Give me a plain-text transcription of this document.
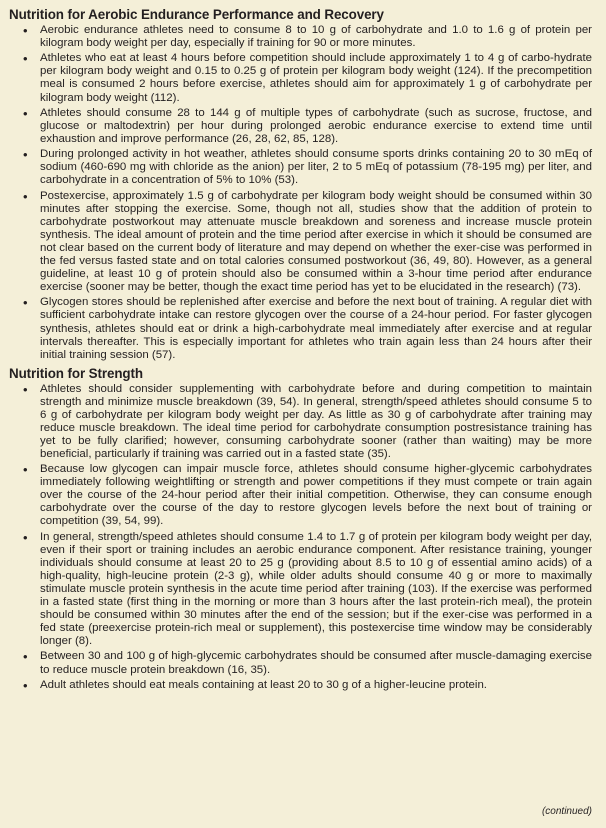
Nutrition for Aerobic Endurance Performance and Recovery
• Aerobic endurance athletes need to consume 8 to 10 g of carbohydrate and 1.0 to 1.6 g of protein per kilogram body weight per day, especially if training for 90 or more minutes.
• Athletes who eat at least 4 hours before competition should include approximately 1 to 4 g of carbo-hydrate per kilogram body weight and 0.15 to 0.25 g of protein per kilogram body weight (124). If the precompetition meal is consumed 2 hours before exercise, athletes should aim for approximately 1 g of carbohydrate per kilogram body weight (112).
• Athletes should consume 28 to 144 g of multiple types of carbohydrate (such as sucrose, fructose, and glucose or maltodextrin) per hour during prolonged aerobic endurance exercise to extend time until exhaustion and improve performance (26, 28, 62, 85, 128).
• During prolonged activity in hot weather, athletes should consume sports drinks containing 20 to 30 mEq of sodium (460-690 mg with chloride as the anion) per liter, 2 to 5 mEq of potassium (78-195 mg) per liter, and carbohydrate in a concentration of 5% to 10% (53).
• Postexercise, approximately 1.5 g of carbohydrate per kilogram body weight should be consumed within 30 minutes after stopping the exercise. Some, though not all, studies show that the addition of protein to carbohydrate postworkout may attenuate muscle breakdown and soreness and increase muscle protein synthesis. The ideal amount of protein and the time period after exercise in which it should be consumed are not clear based on the current body of literature and may depend on whether the exer-cise was performed in the fed versus fasted state and on total calories consumed postworkout (36, 49, 80). However, as a general guideline, at least 10 g of protein should also be consumed within a 3-hour time period after endurance exercise (sooner may be better, though the exact time period has yet to be elucidated in the research) (73).
• Glycogen stores should be replenished after exercise and before the next bout of training. A regular diet with sufficient carbohydrate intake can restore glycogen over the course of a 24-hour period. For faster glycogen synthesis, athletes should eat or drink a high-carbohydrate meal immediately after exercise and at regular intervals thereafter. This is especially important for athletes who train again less than 24 hours after their initial training session (57).
Nutrition for Strength
• Athletes should consider supplementing with carbohydrate before and during competition to maintain strength and minimize muscle breakdown (39, 54). In general, strength/speed athletes should consume 5 to 6 g of carbohydrate per kilogram body weight per day. As little as 30 g of carbohydrate after training may reduce muscle breakdown. The ideal time period for carbohydrate consumption postresistance training has yet to be fully clarified; however, consuming carbohydrate sooner (rather than waiting) may be more beneficial, particularly if training was carried out in a fasted state (35).
• Because low glycogen can impair muscle force, athletes should consume higher-glycemic carbohydrates immediately following weightlifting or strength and power competitions if they must compete or train again over the course of the 24-hour period after their initial competition. Otherwise, they can consume enough carbohydrate over the course of the day to restore glycogen levels before the next bout of training or competition (39, 54, 99).
• In general, strength/speed athletes should consume 1.4 to 1.7 g of protein per kilogram body weight per day, even if their sport or training includes an aerobic endurance component. After resistance training, younger individuals should consume at least 20 to 25 g (providing about 8.5 to 10 g of essential amino acids) of a high-quality, high-leucine protein (2-3 g), while older adults should consume 40 g or more to maximally stimulate muscle protein synthesis in the acute time period after training (103). If the exercise was performed in a fasted state (first thing in the morning or more than 3 hours after the last protein-rich meal), the protein should be consumed within 30 minutes after the end of the session; but if the exer-cise was performed in a fed state (preexercise protein-rich meal or supplement), this postexercise time window may be considerably longer (8).
• Between 30 and 100 g of high-glycemic carbohydrates should be consumed after muscle-damaging exercise to reduce muscle protein breakdown (16, 35).
• Adult athletes should eat meals containing at least 20 to 30 g of a higher-leucine protein.
(continued)
